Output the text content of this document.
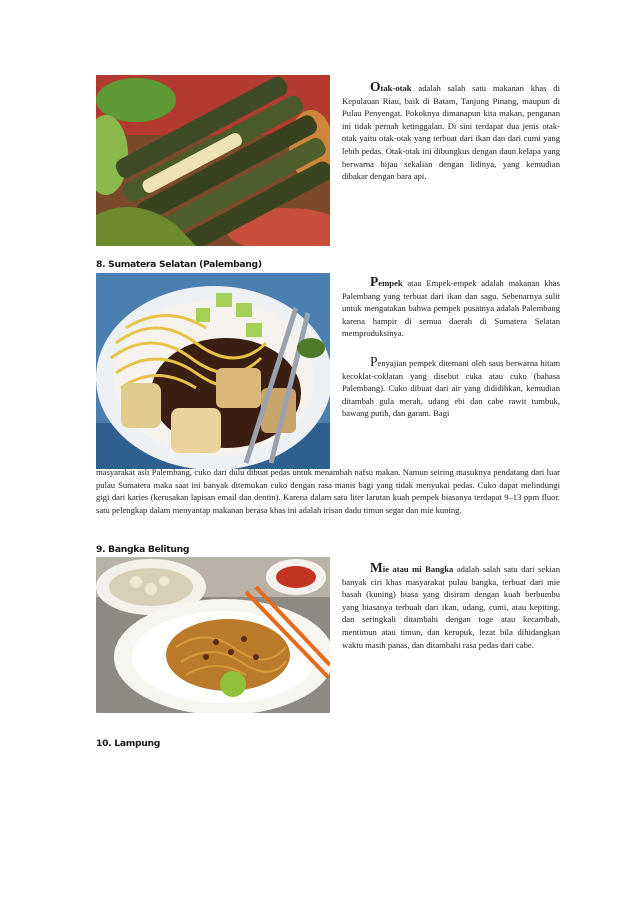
Otak-otak adalah salah satu makanan khas di Kepulauan Riau, baik di Batam, Tanjung Pinang, maupun di Pulau Penyengat. Pokoknya dimanapun kita makan, penganan ini tidak pernah ketinggalan. Di sini terdapat dua jenis otak-otak yaitu otak-otak yang terbuat dari ikan dan dari cumi yang lebih pedas. Otak-otak ini dibungkus dengan daun kelapa yang berwarna hijau sekalian dengan lidinya, yang kemudian dibakar dengan bara api.

8. Sumatera Selatan (Palembang)

Pempek atau Empek-empek adalah makanan khas Palembang yang terbuat dari ikan dan sagu. Sebenarnya sulit untuk mengatakan bahwa pempek pusatnya adalah Palembang karena hampir di semua daerah di Sumatera Selatan memproduksinya.

Penyajian pempek ditemani oleh saus berwarna hitam kecoklat-coklatan yang disebut cuka atau cuko (bahasa Palembang). Cuko dibuat dari air yang dididihkan, kemudian ditambah gula merah, udang ebi dan cabe rawit tumbuk, bawang putih, dan garam. Bagi

masyarakat asli Palembang, cuko dari dulu dibuat pedas untuk menambah nafsu makan. Namun seiring masuknya pendatang dari luar pulau Sumatera maka saat ini banyak ditemukan cuko dengan rasa manis bagi yang tidak menyukai pedas. Cuko dapat melindungi gigi dari karies (kerusakan lapisan email dan dentin). Karena dalam satu liter larutan kuah pempek biasanya terdapat 9–13 ppm fluor. satu pelengkap dalam menyantap makanan berasa khas ini adalah irisan dadu timun segar dan mie kuning.

9. Bangka Belitung

Mie atau mi Bangka adalah salah satu dari sekian banyak ciri khas masyarakat pulau bangka, terbuat dari mie basah (kuning) biasa yang disiram dengan kuah berbumbu yang biasanya terbuah dari ikan, udang, cumi, atau kepiting. dan seringkali ditambahi dengan toge atau kecambah, mentimun atau timun, dan kerupuk, lezat bila dihidangkan waktu masih panas, dan ditambahi rasa pedas dari cabe.

10. Lampung
